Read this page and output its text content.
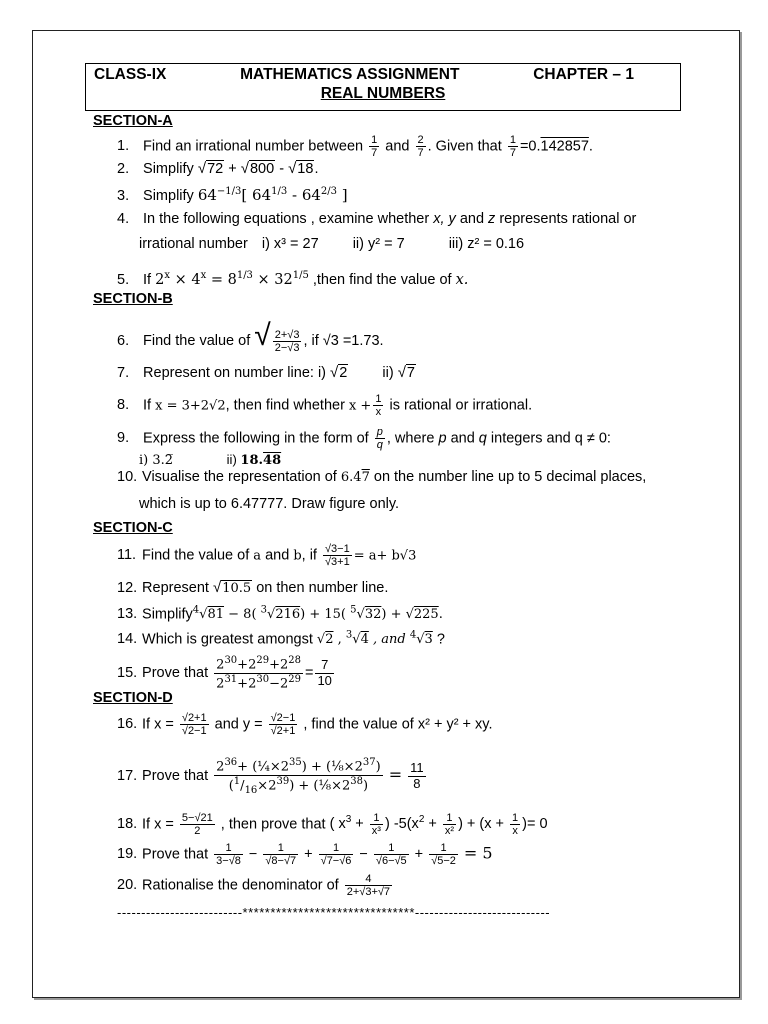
CLASS-IX	MATHEMATICS ASSIGNMENT	CHAPTER – 1
REAL NUMBERS
SECTION-A
1. Find an irrational number between $\frac{1}{7}$ and $\frac{2}{7}$ . Given that $\frac{1}{7} =0.142857$.
2. Simplify √72 + √800 - √18.
3. Simplify $64^{-1/3}$[ $64^{1/3} - 64^{2/3}$ ]
4. In the following equations , examine whether x, y and z represents rational or
irrational number i) x³ = 27 ii) y² = 7	iii) z² = 0.16
5. If $2^x \times 4^x = 8^{1/3} \times 32^{1/5}$ ,then find the value of x.
SECTION-B
6. Find the value of √ $\frac{2+√3}{2-√3}$ , if √3 =1.73.
7. Represent on number line: i) √2 ii) √7
8. If x = 3+2√2, then find whether $x + \frac{1}{x}$ is rational or irrational.
9. Express the following in the form of $\frac{p}{q}$ , where p and q integers and q ≠ 0:
i) 3.2̅	ii) 18.48
10. Visualise the representation of 6.47 on the number line up to 5 decimal places,
which is up to 6.47777. Draw figure only.
SECTION-C
11. Find the value of a and b, if $\frac{√3-1}{√3+1} = a+ b√3$
12. Represent √10.5 on then number line.
13. Simplify$^4$√81 − 8( $^3$√216) + 15( $^5$√32) + √225.
14. Which is greatest amongst √2 , $^3$√4 , and $^4$√3 ?
15. Prove that $\frac{2^{30}+2^{29}+2^{28}}{2^{31}+2^{30}-2^{29}} = \frac{7}{10}$
SECTION-D
16. If $x = \frac{√2+1}{√2-1}$ and $y = \frac{√2-1}{√2+1}$ , find the value of x² + y² + xy.
17. Prove that $\frac{2^{36}+ (\frac{1}{4}\times 2^{35}) + (\frac{1}{8}\times 2^{37})}{(^1/_{16}\times 2^{39}) + (\frac{1}{8}\times 2^{38})} = \frac{11}{8}$
18. If $x = \frac{5-√21}{2}$ , then prove that ( $x^3 + \frac{1}{\text{x³}}$ ) $-5(x^2 + \frac{1}{\text{x²}}$ ) + ($x + \frac{1}{x}$ )= 0
19. Prove that $\frac{1}{3-√8} - \frac{1}{√8-√7} + \frac{1}{√7-√6} - \frac{1}{√6-√5} + \frac{1}{√5-2} = 5$
20. Rationalise the denominator of $\frac{4}{2+√3+√7}$
--------------------------*******************************----------------------------
